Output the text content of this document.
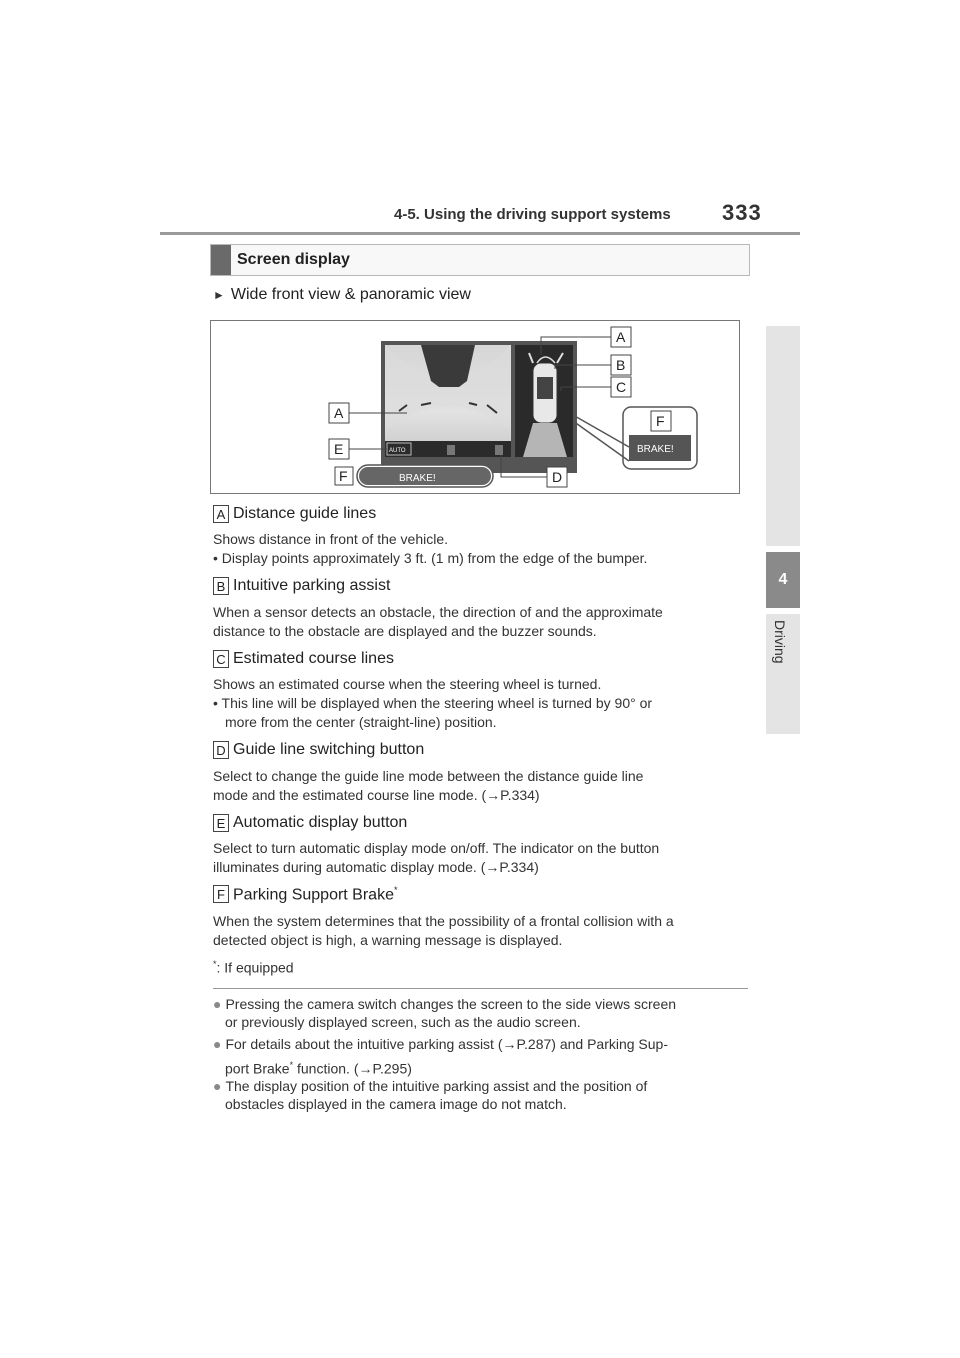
4-5. Using the driving support systems 333
4
Driving
Screen display
► Wide front view & panoramic view
AUTO
BRAKE!
BRAKE!
A
B
C
A
E
F	D
F
A Distance guide lines
Shows distance in front of the vehicle.
• Display points approximately 3 ft. (1 m) from the edge of the bumper.
B Intuitive parking assist
When a sensor detects an obstacle, the direction of and the approximate
distance to the obstacle are displayed and the buzzer sounds.
C Estimated course lines
Shows an estimated course when the steering wheel is turned.
• This line will be displayed when the steering wheel is turned by 90° or
more from the center (straight-line) position.
D Guide line switching button
Select to change the guide line mode between the distance guide line
mode and the estimated course line mode. (→P.334)
E Automatic display button
Select to turn automatic display mode on/off. The indicator on the button
illuminates during automatic display mode. (→P.334)
F Parking Support Brake*
When the system determines that the possibility of a frontal collision with a
detected object is high, a warning message is displayed.
*: If equipped
● Pressing the camera switch changes the screen to the side views screen
or previously displayed screen, such as the audio screen.
● For details about the intuitive parking assist (→P.287) and Parking Sup-
port Brake* function. (→P.295)
● The display position of the intuitive parking assist and the position of
obstacles displayed in the camera image do not match.
